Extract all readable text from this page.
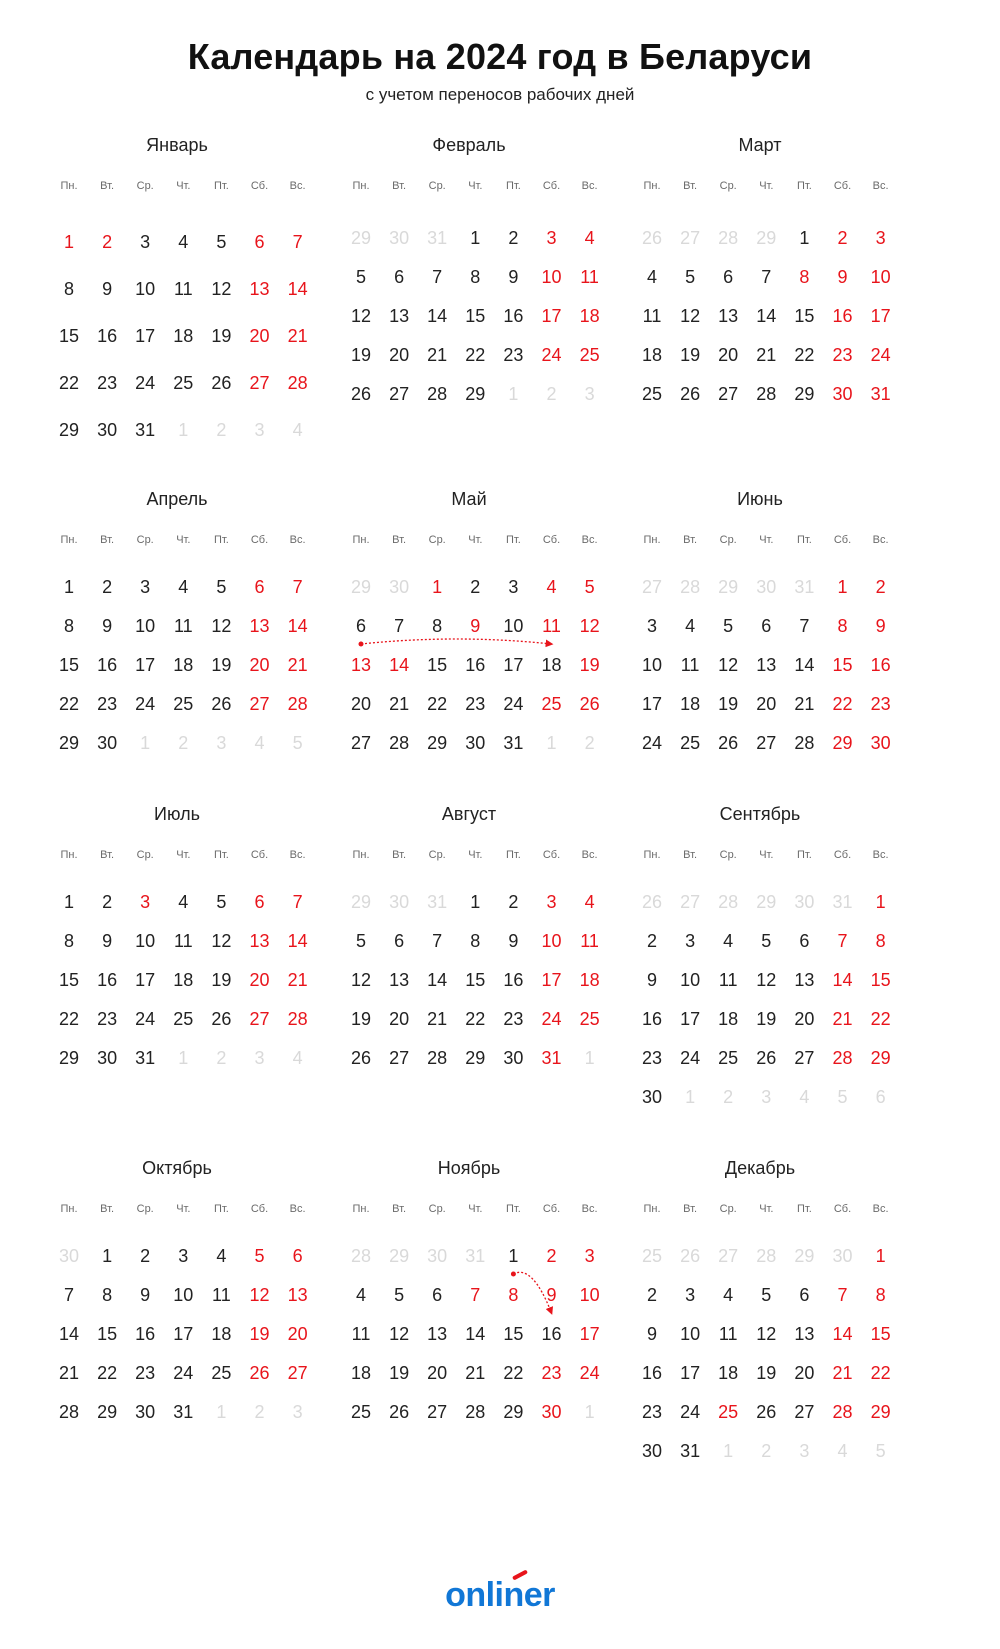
Календарь на 2024 год в Беларуси
с учетом переносов рабочих дней
Январь
Пн.	Вт.	Ср.	Чт.	Пт.	Сб.	Вс.
1	2	3	4	5	6	7
8	9	10	11	12	13	14
15	16	17	18	19	20	21
22	23	24	25	26	27	28
29	30	31	1	2	3	4
Февраль
Пн.	Вт.	Ср.	Чт.	Пт.	Сб.	Вс.
29	30	31	1	2	3	4
5	6	7	8	9	10	11
12	13	14	15	16	17	18
19	20	21	22	23	24	25
26	27	28	29	1	2	3
Март
Пн.	Вт.	Ср.	Чт.	Пт.	Сб.	Вс.
26	27	28	29	1	2	3
4	5	6	7	8	9	10
11	12	13	14	15	16	17
18	19	20	21	22	23	24
25	26	27	28	29	30	31
Апрель
Пн.	Вт.	Ср.	Чт.	Пт.	Сб.	Вс.
1	2	3	4	5	6	7
8	9	10	11	12	13	14
15	16	17	18	19	20	21
22	23	24	25	26	27	28
29	30	1	2	3	4	5
Май
Пн.	Вт.	Ср.	Чт.	Пт.	Сб.	Вс.
29	30	1	2	3	4	5
6	7	8	9	10	11	12
13	14	15	16	17	18	19
20	21	22	23	24	25	26
27	28	29	30	31	1	2
Июнь
Пн.	Вт.	Ср.	Чт.	Пт.	Сб.	Вс.
27	28	29	30	31	1	2
3	4	5	6	7	8	9
10	11	12	13	14	15	16
17	18	19	20	21	22	23
24	25	26	27	28	29	30
Июль
Пн.	Вт.	Ср.	Чт.	Пт.	Сб.	Вс.
1	2	3	4	5	6	7
8	9	10	11	12	13	14
15	16	17	18	19	20	21
22	23	24	25	26	27	28
29	30	31	1	2	3	4
Август
Пн.	Вт.	Ср.	Чт.	Пт.	Сб.	Вс.
29	30	31	1	2	3	4
5	6	7	8	9	10	11
12	13	14	15	16	17	18
19	20	21	22	23	24	25
26	27	28	29	30	31	1
Сентябрь
Пн.	Вт.	Ср.	Чт.	Пт.	Сб.	Вс.
26	27	28	29	30	31	1
2	3	4	5	6	7	8
9	10	11	12	13	14	15
16	17	18	19	20	21	22
23	24	25	26	27	28	29
30	1	2	3	4	5	6
Октябрь
Пн.	Вт.	Ср.	Чт.	Пт.	Сб.	Вс.
30	1	2	3	4	5	6
7	8	9	10	11	12	13
14	15	16	17	18	19	20
21	22	23	24	25	26	27
28	29	30	31	1	2	3
Ноябрь
Пн.	Вт.	Ср.	Чт.	Пт.	Сб.	Вс.
28	29	30	31	1	2	3
4	5	6	7	8	9	10
11	12	13	14	15	16	17
18	19	20	21	22	23	24
25	26	27	28	29	30	1
Декабрь
Пн.	Вт.	Ср.	Чт.	Пт.	Сб.	Вс.
25	26	27	28	29	30	1
2	3	4	5	6	7	8
9	10	11	12	13	14	15
16	17	18	19	20	21	22
23	24	25	26	27	28	29
30	31	1	2	3	4	5
onliner
